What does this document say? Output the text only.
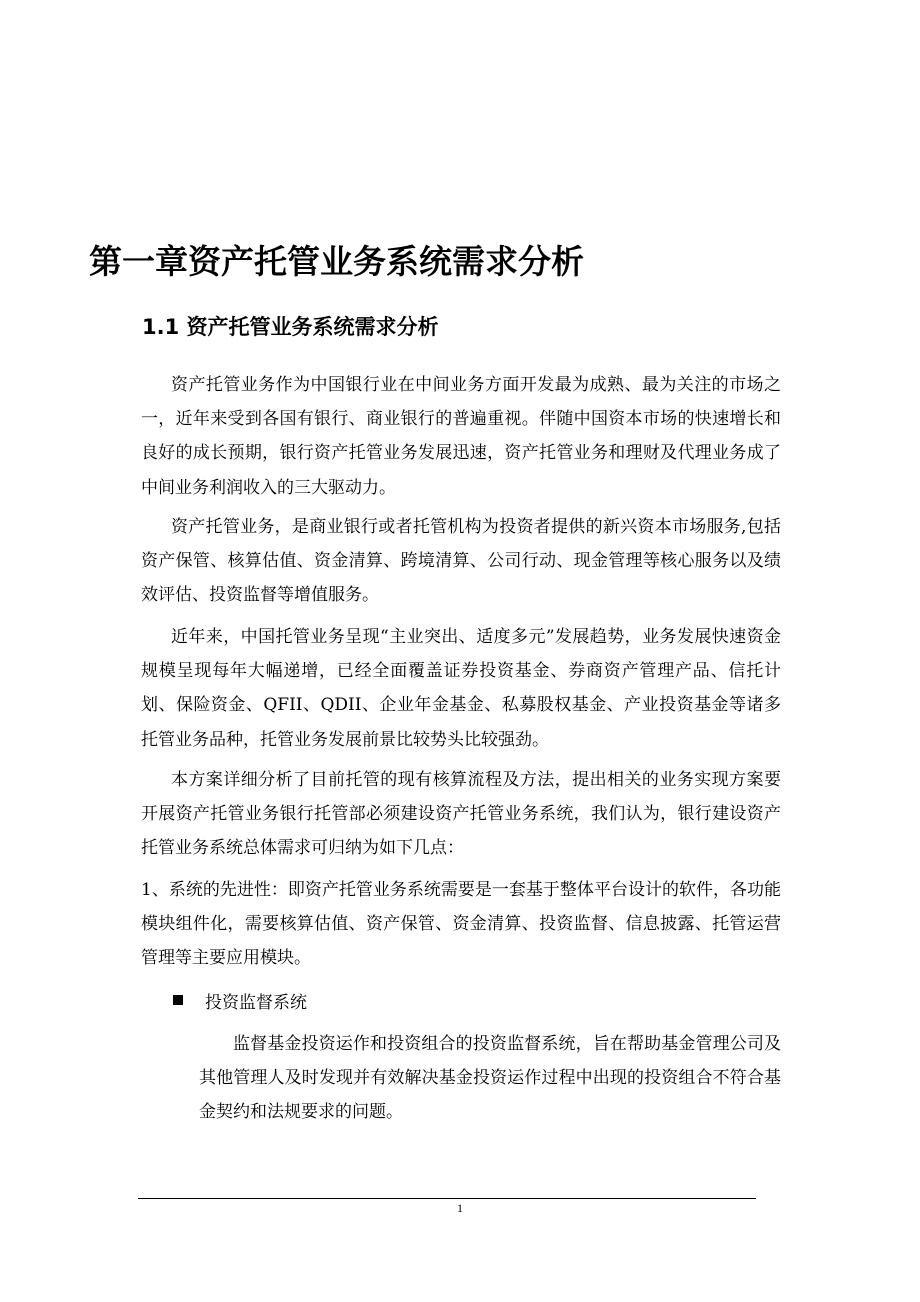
第一章资产托管业务系统需求分析
1.1 资产托管业务系统需求分析

资产托管业务作为中国银行业在中间业务方面开发最为成熟、最为关注的市场之一，近年来受到各国有银行、商业银行的普遍重视。伴随中国资本市场的快速增长和良好的成长预期，银行资产托管业务发展迅速，资产托管业务和理财及代理业务成了中间业务利润收入的三大驱动力。

资产托管业务，是商业银行或者托管机构为投资者提供的新兴资本市场服务,包括资产保管、核算估值、资金清算、跨境清算、公司行动、现金管理等核心服务以及绩效评估、投资监督等增值服务。

近年来，中国托管业务呈现“主业突出、适度多元”发展趋势，业务发展快速资金规模呈现每年大幅递增，已经全面覆盖证券投资基金、券商资产管理产品、信托计划、保险资金、QFII、QDII、企业年金基金、私募股权基金、产业投资基金等诸多托管业务品种，托管业务发展前景比较势头比较强劲。

本方案详细分析了目前托管的现有核算流程及方法，提出相关的业务实现方案要开展资产托管业务银行托管部必须建设资产托管业务系统，我们认为，银行建设资产托管业务系统总体需求可归纳为如下几点：

1、系统的先进性：即资产托管业务系统需要是一套基于整体平台设计的软件，各功能模块组件化，需要核算估值、资产保管、资金清算、投资监督、信息披露、托管运营管理等主要应用模块。

投资监督系统

监督基金投资运作和投资组合的投资监督系统，旨在帮助基金管理公司及其他管理人及时发现并有效解决基金投资运作过程中出现的投资组合不符合基金契约和法规要求的问题。

1
